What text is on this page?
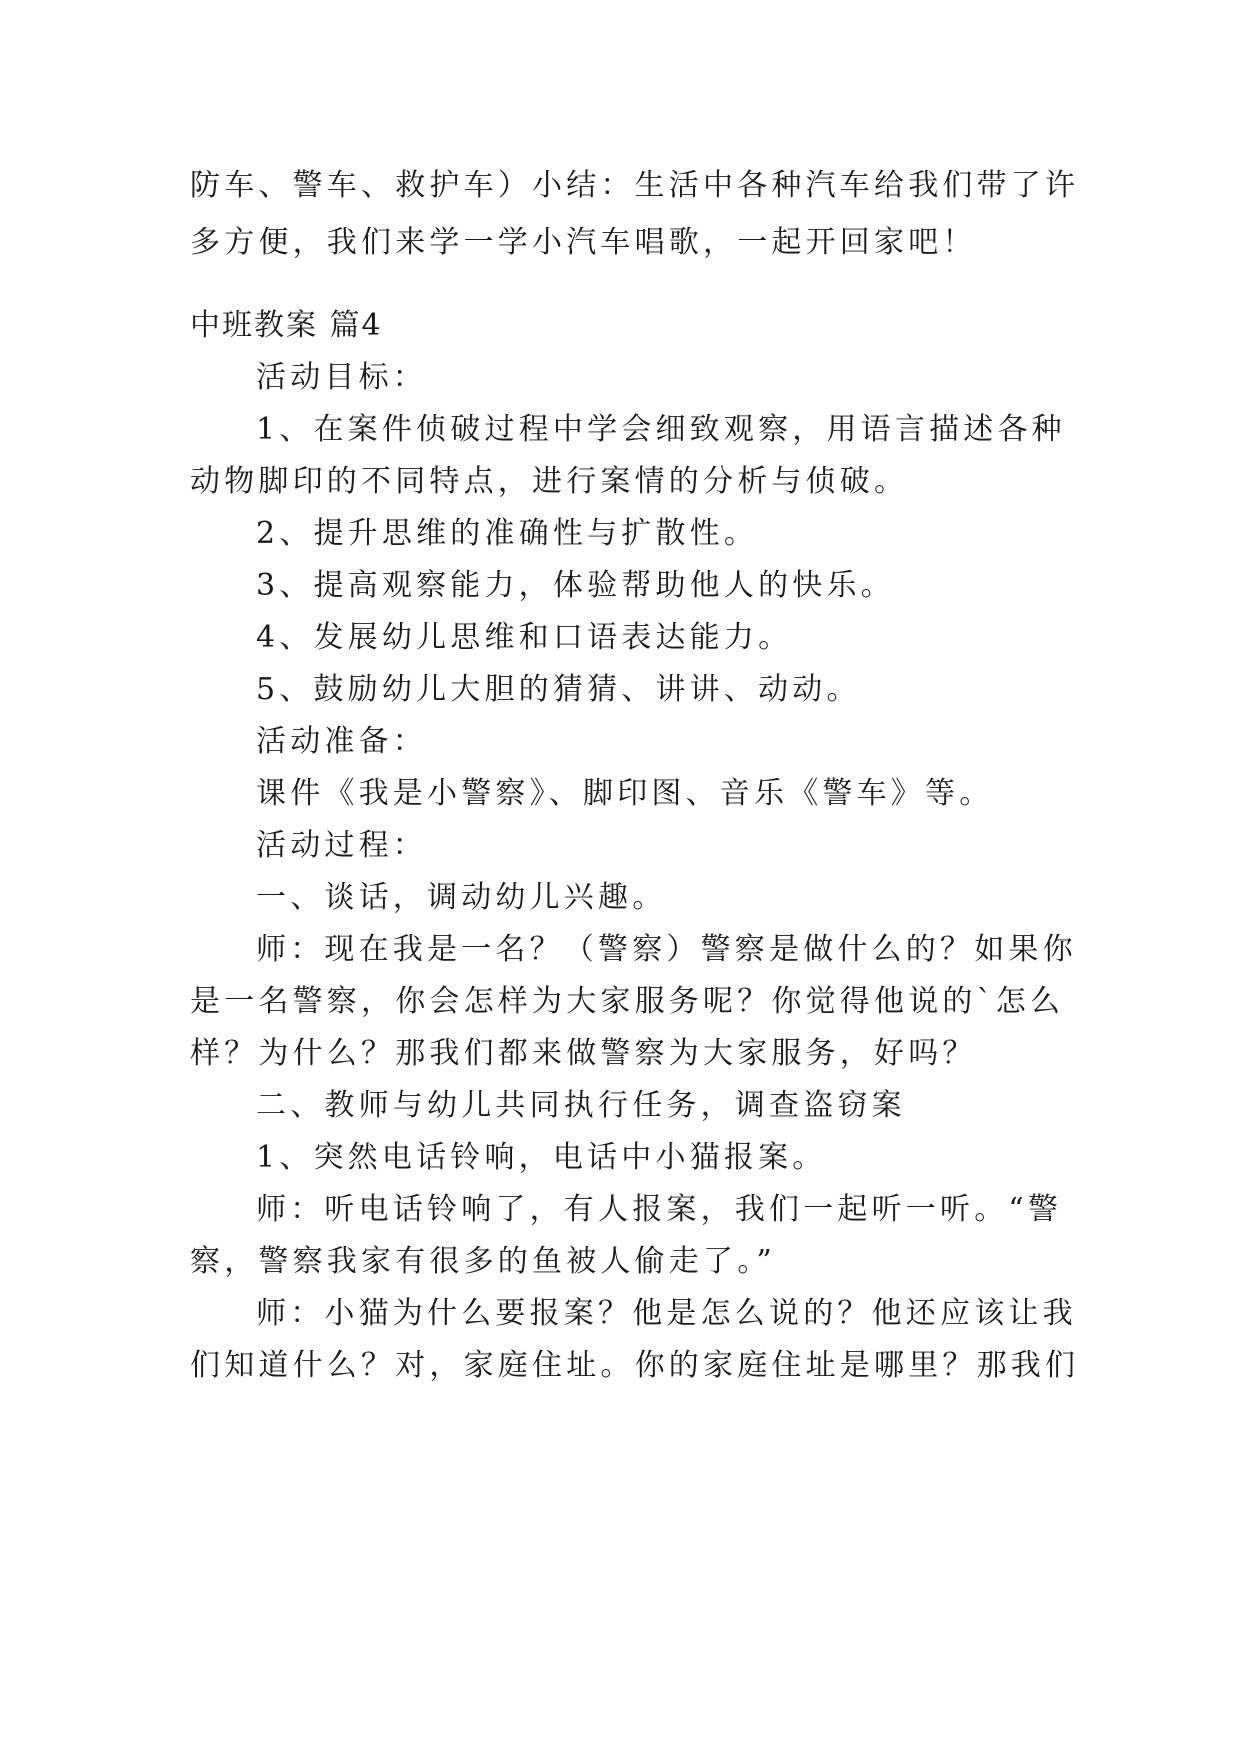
防车、警车、救护车）小结：生活中各种汽车给我们带了许
多方便，我们来学一学小汽车唱歌，一起开回家吧！
中班教案 篇4
活动目标：
1、在案件侦破过程中学会细致观察，用语言描述各种
动物脚印的不同特点，进行案情的分析与侦破。
2、提升思维的准确性与扩散性。
3、提高观察能力，体验帮助他人的快乐。
4、发展幼儿思维和口语表达能力。
5、鼓励幼儿大胆的猜猜、讲讲、动动。
活动准备：
课件《我是小警察》、脚印图、音乐《警车》等。
活动过程：
一、谈话，调动幼儿兴趣。
师：现在我是一名？（警察）警察是做什么的？如果你
是一名警察，你会怎样为大家服务呢？你觉得他说的`怎么
样？为什么？那我们都来做警察为大家服务，好吗？
二、教师与幼儿共同执行任务，调查盗窃案
1、突然电话铃响，电话中小猫报案。
师：听电话铃响了，有人报案，我们一起听一听。“警
察，警察我家有很多的鱼被人偷走了。”
师：小猫为什么要报案？他是怎么说的？他还应该让我
们知道什么？对，家庭住址。你的家庭住址是哪里？那我们
